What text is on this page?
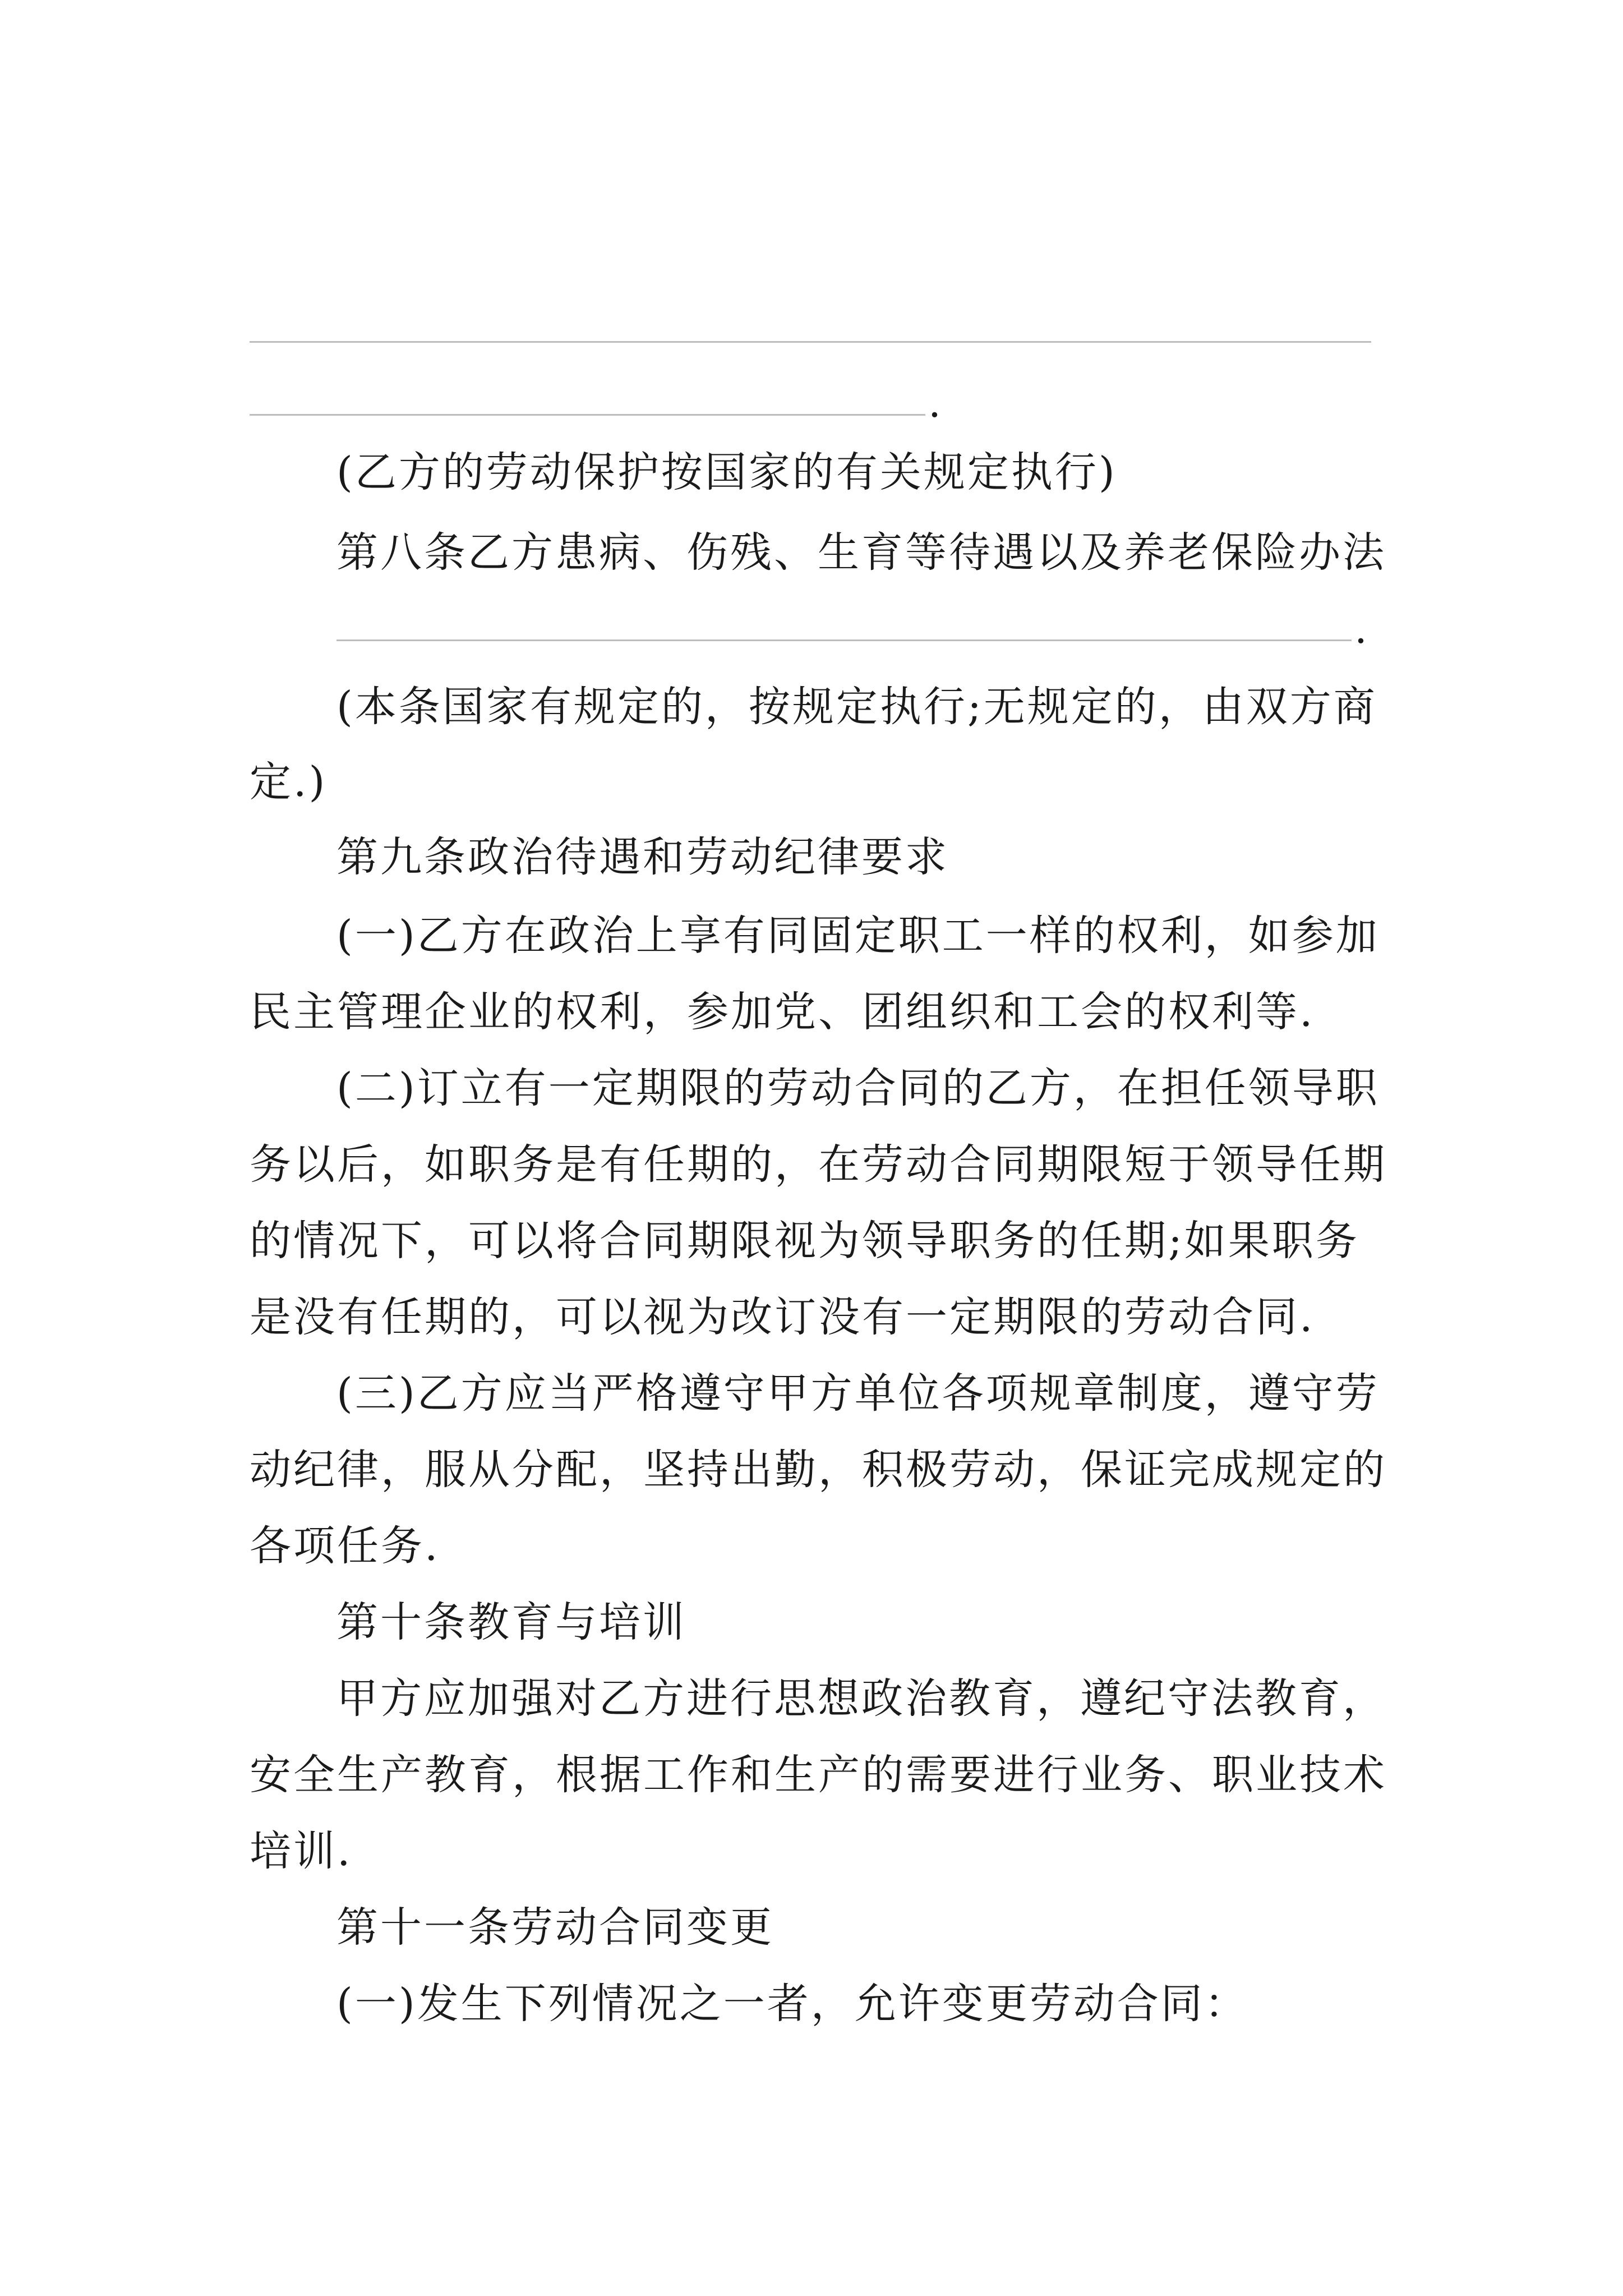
.
(乙方的劳动保护按国家的有关规定执行)
第八条乙方患病、伤残、生育等待遇以及养老保险办法
.
(本条国家有规定的，按规定执行;无规定的，由双方商
定.)
第九条政治待遇和劳动纪律要求
(一)乙方在政治上享有同固定职工一样的权利，如参加
民主管理企业的权利，参加党、团组织和工会的权利等.
(二)订立有一定期限的劳动合同的乙方，在担任领导职
务以后，如职务是有任期的，在劳动合同期限短于领导任期
的情况下，可以将合同期限视为领导职务的任期;如果职务
是没有任期的，可以视为改订没有一定期限的劳动合同.
(三)乙方应当严格遵守甲方单位各项规章制度，遵守劳
动纪律，服从分配，坚持出勤，积极劳动，保证完成规定的
各项任务.
第十条教育与培训
甲方应加强对乙方进行思想政治教育，遵纪守法教育，
安全生产教育，根据工作和生产的需要进行业务、职业技术
培训.
第十一条劳动合同变更
(一)发生下列情况之一者，允许变更劳动合同：
